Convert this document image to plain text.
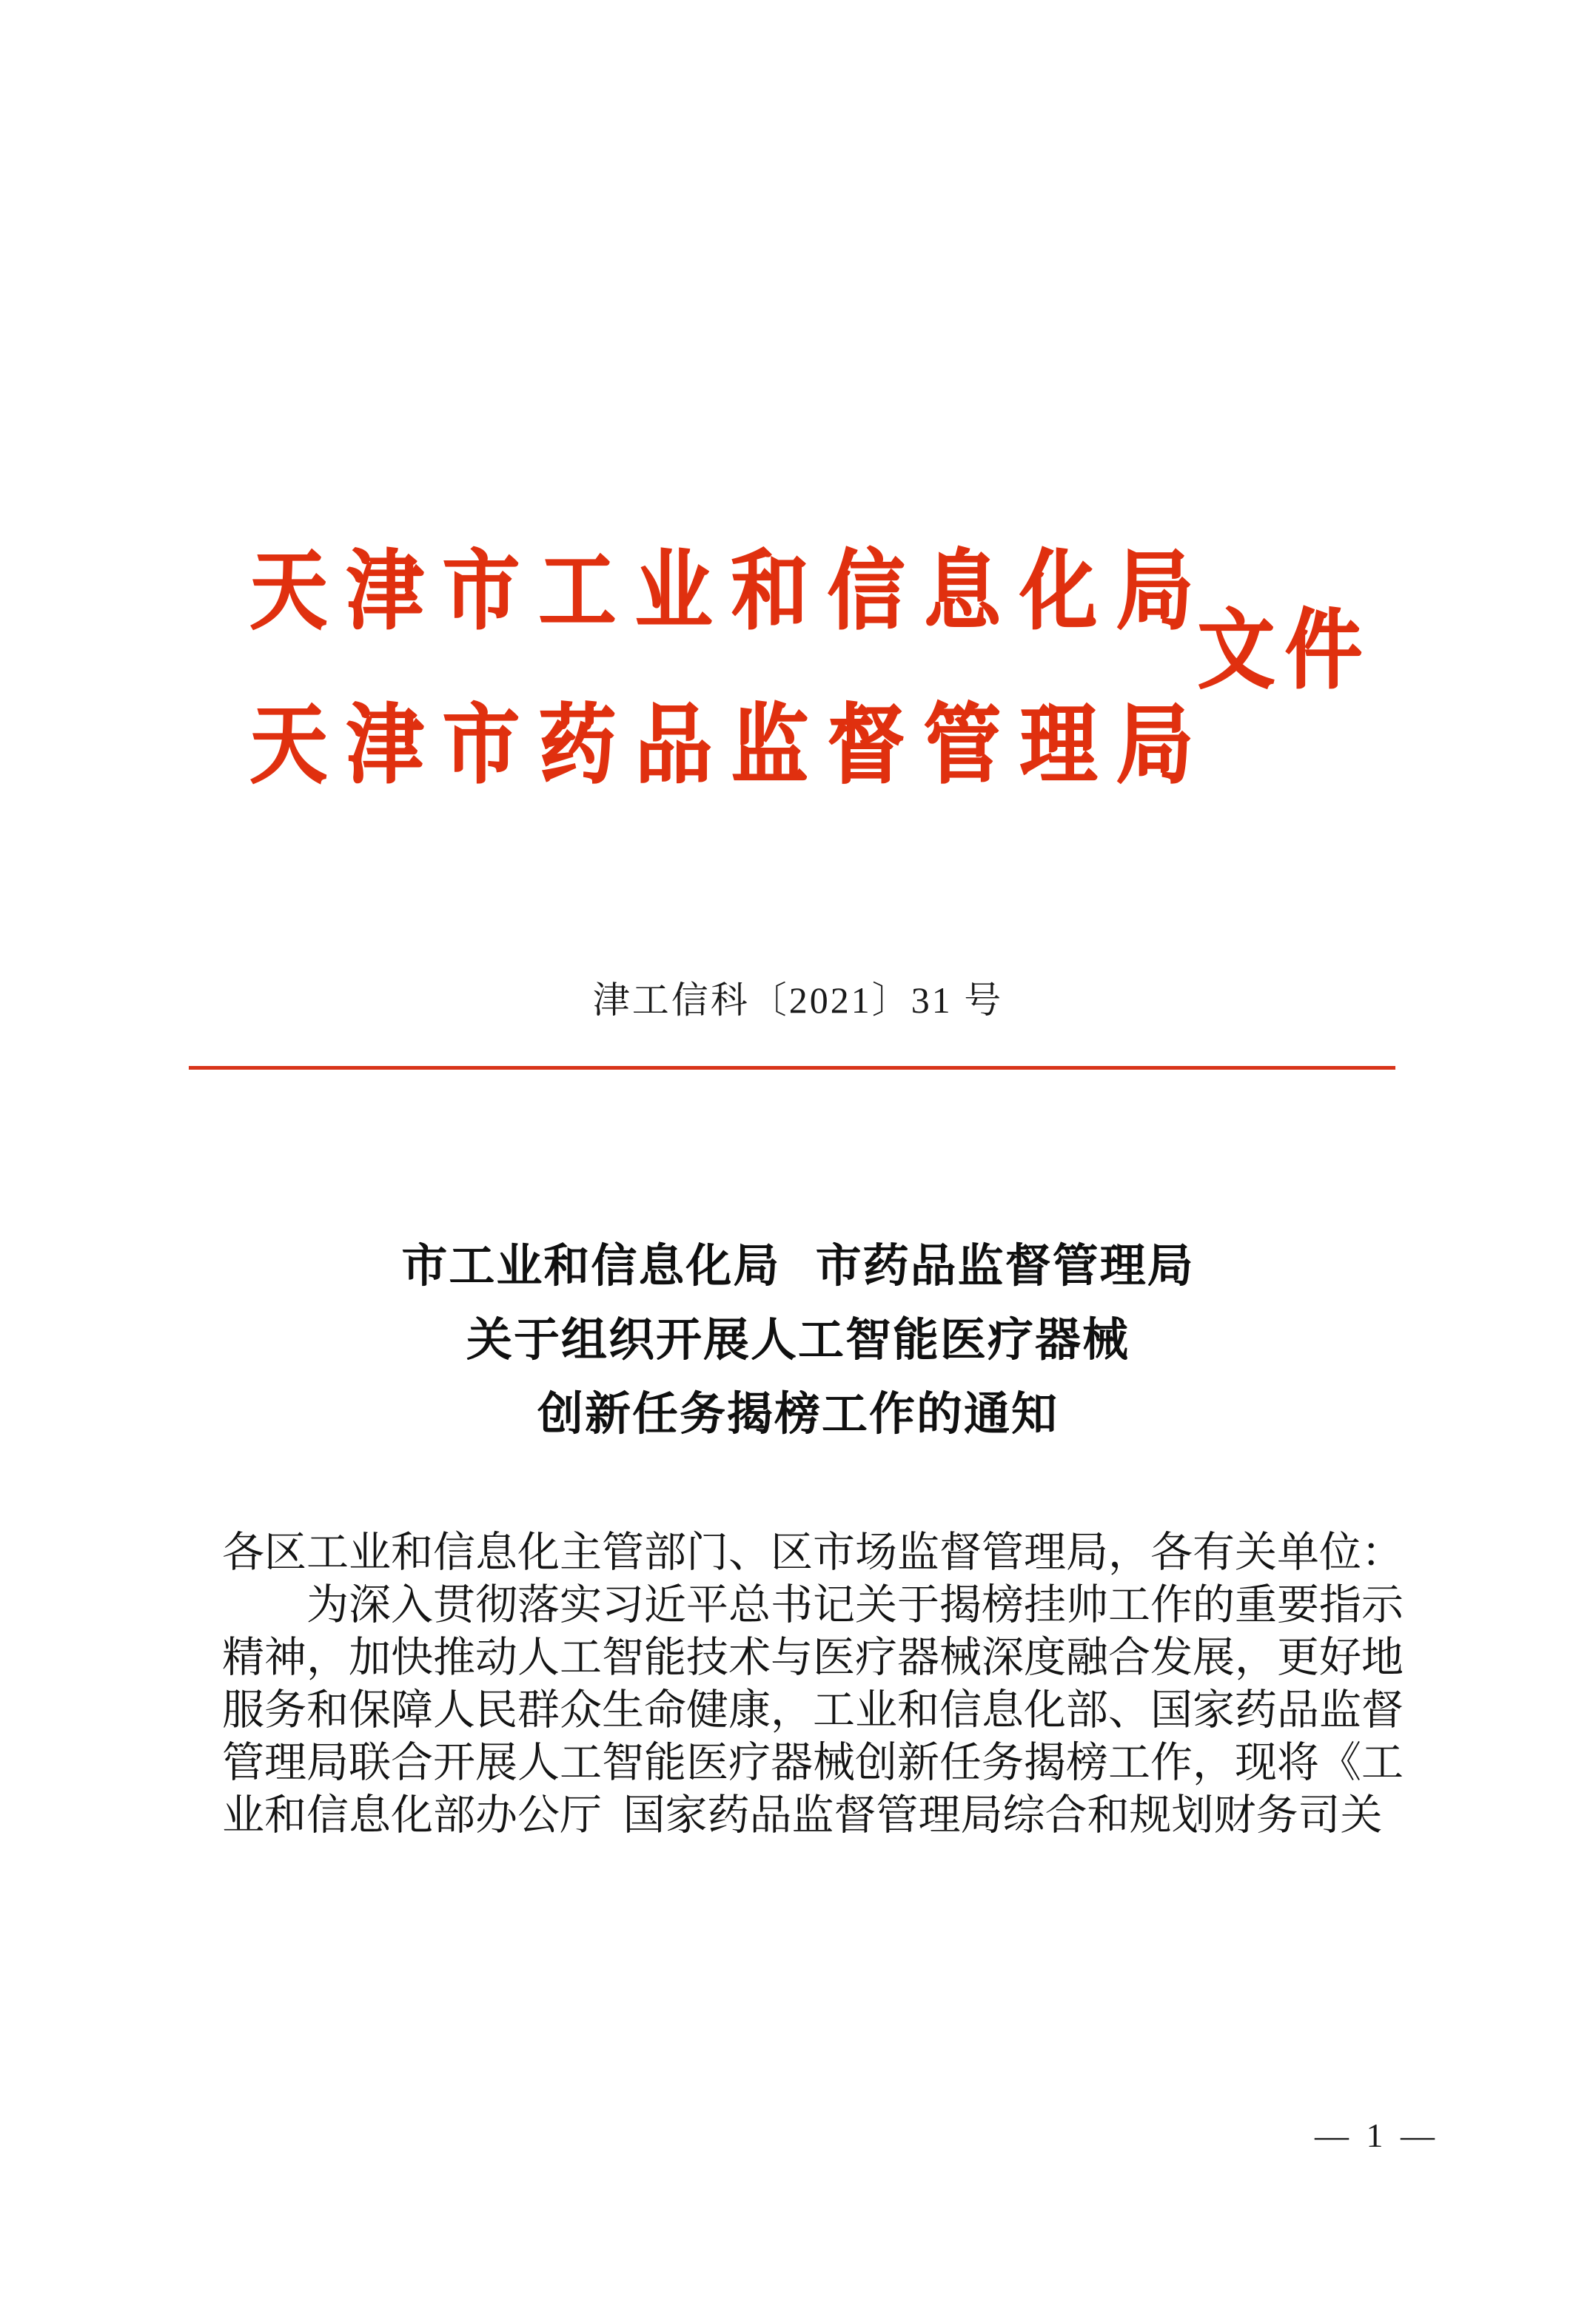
天津市工业和信息化局
天津市药品监督管理局
文件
津工信科〔2021〕31 号
市工业和信息化局  市药品监督管理局
关于组织开展人工智能医疗器械
创新任务揭榜工作的通知
各区工业和信息化主管部门、区市场监督管理局，各有关单位：
为深入贯彻落实习近平总书记关于揭榜挂帅工作的重要指示
精神，加快推动人工智能技术与医疗器械深度融合发展，更好地
服务和保障人民群众生命健康，工业和信息化部、国家药品监督
管理局联合开展人工智能医疗器械创新任务揭榜工作，现将《工
业和信息化部办公厅  国家药品监督管理局综合和规划财务司关
— 1 —
